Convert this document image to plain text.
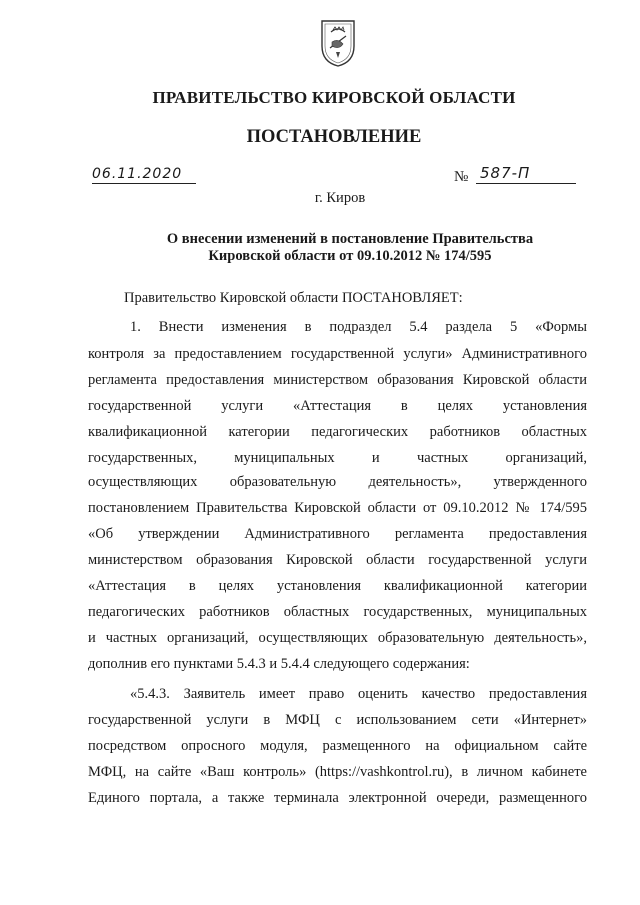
ПРАВИТЕЛЬСТВО КИРОВСКОЙ ОБЛАСТИ
ПОСТАНОВЛЕНИЕ
06.11.2020	№ 587-П
г. Киров
О внесении изменений в постановление Правительства
Кировской области от 09.10.2012 № 174/595
Правительство Кировской области ПОСТАНОВЛЯЕТ:
1. Внести изменения в подраздел 5.4 раздела 5 «Формы
контроля за предоставлением государственной услуги» Административного
регламента предоставления министерством образования Кировской области
государственной услуги «Аттестация в целях установления
квалификационной категории педагогических работников областных
государственных, муниципальных и частных организаций,
осуществляющих образовательную деятельность», утвержденного
постановлением Правительства Кировской области от 09.10.2012 № 174/595
«Об утверждении Административного регламента предоставления
министерством образования Кировской области государственной услуги
«Аттестация в целях установления квалификационной категории
педагогических работников областных государственных, муниципальных
и частных организаций, осуществляющих образовательную деятельность»,
дополнив его пунктами 5.4.3 и 5.4.4 следующего содержания:
«5.4.3. Заявитель имеет право оценить качество предоставления
государственной услуги в МФЦ с использованием сети «Интернет»
посредством опросного модуля, размещенного на официальном сайте
МФЦ, на сайте «Ваш контроль» (https://vashkontrol.ru), в личном кабинете
Единого портала, а также терминала электронной очереди, размещенного
